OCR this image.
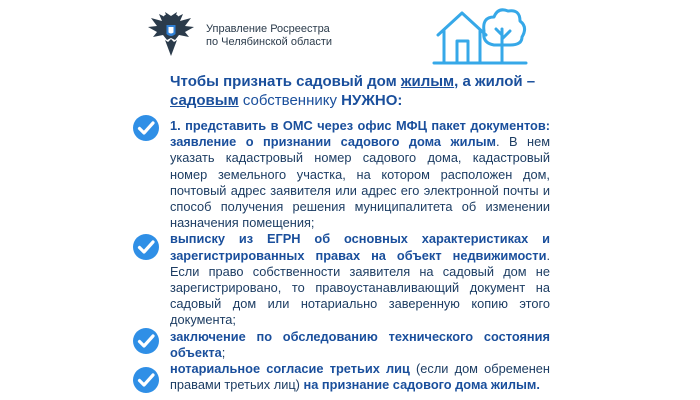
Управление Росреестра
по Челябинской области
Чтобы признать садовый дом жилым, а жилой – садовым собственнику НУЖНО:

1. представить в ОМС через офис МФЦ пакет документов: заявление о признании садового дома жилым. В нем указать кадастровый номер садового дома, кадастровый номер земельного участка, на котором расположен дом, почтовый адрес заявителя или адрес его электронной почты и способ получения решения муниципалитета об изменении назначения помещения;

выписку из ЕГРН об основных характеристиках и зарегистрированных правах на объект недвижимости. Если право собственности заявителя на садовый дом не зарегистрировано, то правоустанавливающий документ на садовый дом или нотариально заверенную копию этого документа;

заключение по обследованию технического состояния объекта;

нотариальное согласие третьих лиц (если дом обременен правами третьих лиц) на признание садового дома жилым.
